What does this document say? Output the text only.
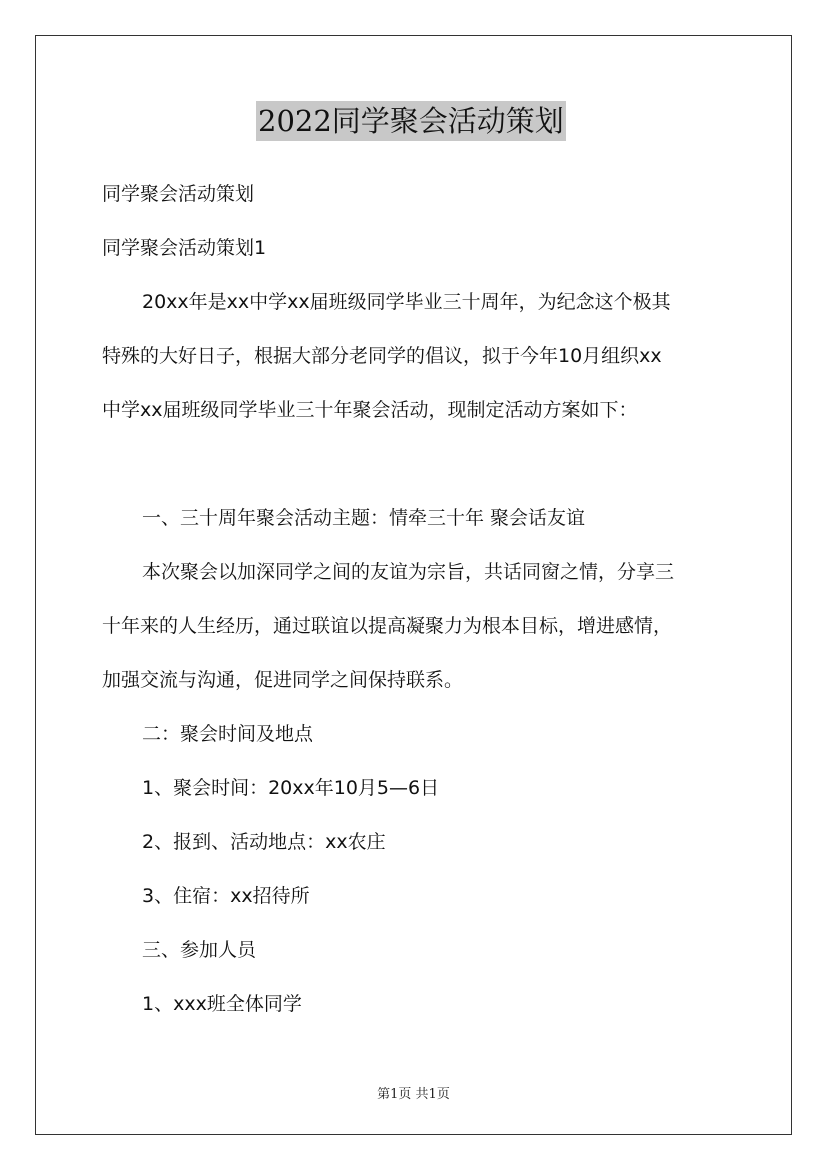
2022同学聚会活动策划
同学聚会活动策划
同学聚会活动策划1
20xx年是xx中学xx届班级同学毕业三十周年，为纪念这个极其
特殊的大好日子，根据大部分老同学的倡议，拟于今年10月组织xx
中学xx届班级同学毕业三十年聚会活动，现制定活动方案如下：
一、三十周年聚会活动主题：情牵三十年 聚会话友谊
本次聚会以加深同学之间的友谊为宗旨，共话同窗之情，分享三
十年来的人生经历，通过联谊以提高凝聚力为根本目标，增进感情，
加强交流与沟通，促进同学之间保持联系。
二：聚会时间及地点
1、聚会时间：20xx年10月5—6日
2、报到、活动地点：xx农庄
3、住宿：xx招待所
三、参加人员
1、xxx班全体同学
第1页 共1页
